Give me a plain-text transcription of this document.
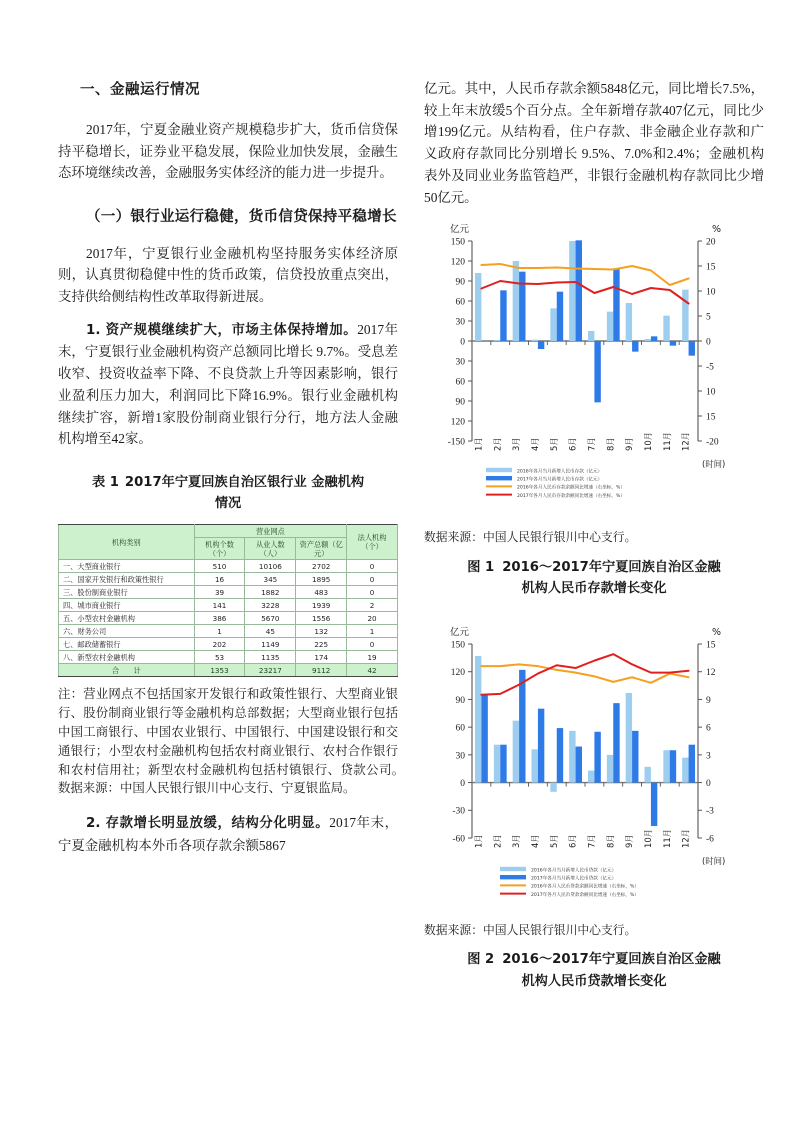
一、金融运行情况

2017年，宁夏金融业资产规模稳步扩大，货币信贷保持平稳增长，证券业平稳发展，保险业加快发展，金融生态环境继续改善，金融服务实体经济的能力进一步提升。

（一）银行业运行稳健，货币信贷保持平稳增长

2017年，宁夏银行业金融机构坚持服务实体经济原则，认真贯彻稳健中性的货币政策，信贷投放重点突出，支持供给侧结构性改革取得新进展。

1. 资产规模继续扩大，市场主体保持增加。2017年末，宁夏银行业金融机构资产总额同比增长 9.7%。受息差收窄、投资收益率下降、不良贷款上升等因素影响，银行业盈利压力加大，利润同比下降16.9%。银行业金融机构继续扩容，新增1家股份制商业银行分行，地方法人金融机构增至42家。

表 1 2017年宁夏回族自治区银行业 金融机构
情况
机构类别	营业网点			法人机构（个）
	机构个数（个）	从业人数（人）	资产总额（亿元）	
一、大型商业银行	510	10106	2702	0
二、国家开发银行和政策性银行	16	345	1895	0
三、股份制商业银行	39	1882	483	0
四、城市商业银行	141	3228	1939	2
五、小型农村金融机构	386	5670	1556	20
六、财务公司	1	45	132	1
七、邮政储蓄银行	202	1149	225	0
八、新型农村金融机构	53	1135	174	19
合　　计	1353	23217	9112	42

注：营业网点不包括国家开发银行和政策性银行、大型商业银行、股份制商业银行等金融机构总部数据；大型商业银行包括中国工商银行、中国农业银行、中国银行、中国建设银行和交通银行；小型农村金融机构包括农村商业银行、农村合作银行和农村信用社；新型农村金融机构包括村镇银行、贷款公司。　数据来源：中国人民银行银川中心支行、宁夏银监局。

2. 存款增长明显放缓，结构分化明显。2017年末，宁夏金融机构本外币各项存款余额5867

亿元。其中，人民币存款余额5848亿元，同比增长7.5%，较上年末放缓5个百分点。全年新增存款407亿元，同比少增199亿元。从结构看，住户存款、非金融企业存款和广义政府存款同比分别增长 9.5%、7.0%和2.4%；金融机构表外及同业业务监管趋严，非银行金融机构存款同比少增50亿元。

亿元	%
150
120
90
60
30
0
30
60
90
120
-150
20
15
10
5
0
-5
10
15
-20
1月 2月 3月 4月 5月 6月 7月 8月 9月 10月 11月 12月
(时间)
2016年各月当月新增人民币存款（亿元）
2017年各月当月新增人民币存款（亿元）
2016年各月人民币存款余额同比增速（右坐标，%）
2017年各月人民币存款余额同比增速（右坐标，%）

数据来源：中国人民银行银川中心支行。

图 1 2016～2017年宁夏回族自治区金融
机构人民币存款增长变化
亿元	%
150
120
90
60
30
0
-30
-60
15
12
9
6
3
0
-3
-6
1月 2月 3月 4月 5月 6月 7月 8月 9月 10月 11月 12月
(时间)
2016年各月当月新增人民币贷款（亿元）
2017年各月当月新增人民币贷款（亿元）
2016年各月人民币贷款余额同比增速（右坐标，%）
2017年各月人民币贷款余额同比增速（右坐标，%）

数据来源：中国人民银行银川中心支行。

图 2 2016～2017年宁夏回族自治区金融
机构人民币贷款增长变化
